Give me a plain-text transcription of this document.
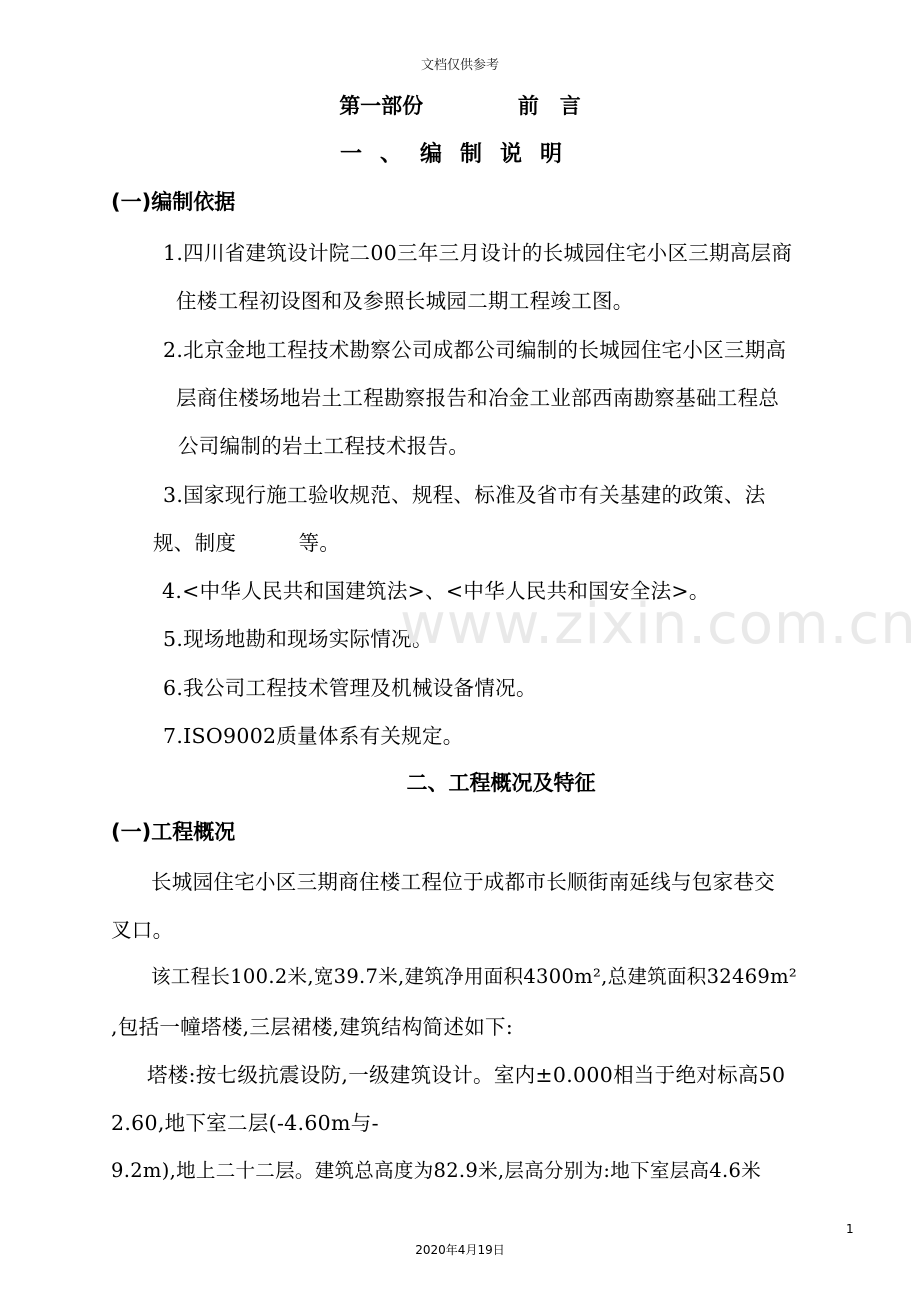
文档仅供参考
第一部份	前　言
一、编制说明
(一)编制依据
1.四川省建筑设计院二00三年三月设计的长城园住宅小区三期高层商
住楼工程初设图和及参照长城园二期工程竣工图。
2.北京金地工程技术勘察公司成都公司编制的长城园住宅小区三期高
层商住楼场地岩土工程勘察报告和冶金工业部西南勘察基础工程总
公司编制的岩土工程技术报告。
3.国家现行施工验收规范、规程、标准及省市有关基建的政策、法
规、制度　　　等。
4.<中华人民共和国建筑法>、<中华人民共和国安全法>。
5.现场地勘和现场实际情况。
6.我公司工程技术管理及机械设备情况。
7.ISO9002质量体系有关规定。
二、工程概况及特征
(一)工程概况
长城园住宅小区三期商住楼工程位于成都市长顺街南延线与包家巷交
叉口。
该工程长100.2米,宽39.7米,建筑净用面积4300m²,总建筑面积32469m²
,包括一幢塔楼,三层裙楼,建筑结构简述如下:
塔楼:按七级抗震设防,一级建筑设计。室内±0.000相当于绝对标高50
2.60,地下室二层(-4.60m与-
9.2m),地上二十二层。建筑总高度为82.9米,层高分别为:地下室层高4.6米
www.zixin.com.cn
1
2020年4月19日
